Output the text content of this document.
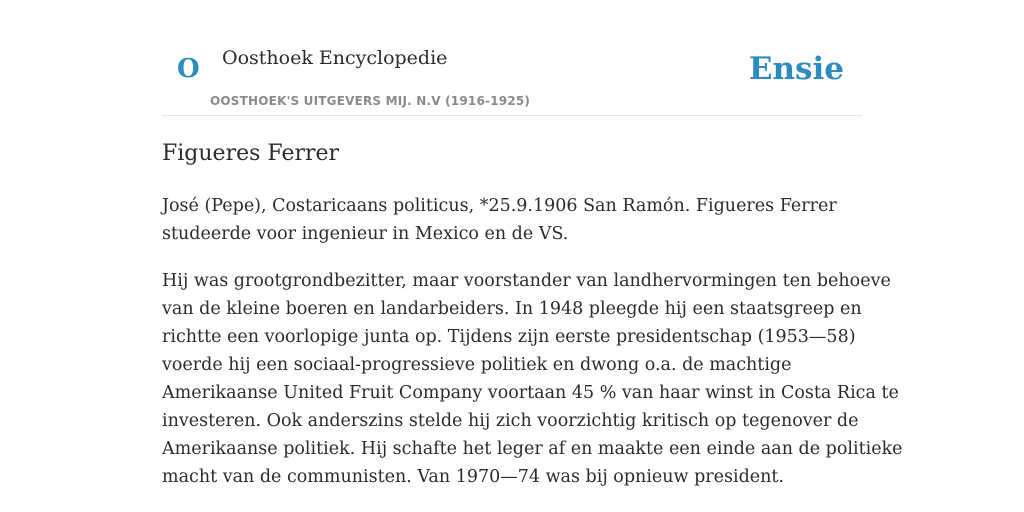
O Oosthoek Encyclopedie
OOSTHOEK'S UITGEVERS MIJ. N.V (1916-1925)
Ensie
Figueres Ferrer

José (Pepe), Costaricaans politicus, *25.9.1906 San Ramón. Figueres Ferrer
studeerde voor ingenieur in Mexico en de VS.

Hij was grootgrondbezitter, maar voorstander van landhervormingen ten behoeve
van de kleine boeren en landarbeiders. In 1948 pleegde hij een staatsgreep en
richtte een voorlopige junta op. Tijdens zijn eerste presidentschap (1953—58)
voerde hij een sociaal-progressieve politiek en dwong o.a. de machtige
Amerikaanse United Fruit Company voortaan 45 % van haar winst in Costa Rica te
investeren. Ook anderszins stelde hij zich voorzichtig kritisch op tegenover de
Amerikaanse politiek. Hij schafte het leger af en maakte een einde aan de politieke
macht van de communisten. Van 1970—74 was bij opnieuw president.
